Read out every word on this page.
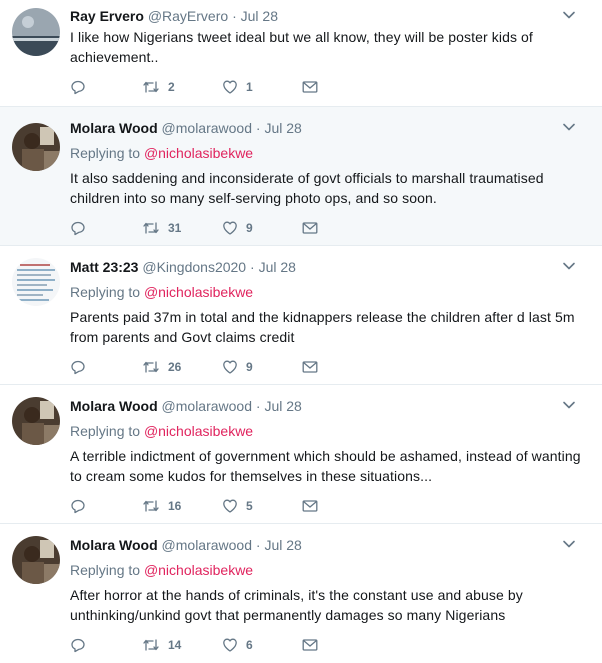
Ray Ervero @RayErvero · Jul 28
I like how Nigerians tweet ideal but we all know, they will be poster kids of achievement..
2	1
Molara Wood @molarawood · Jul 28
Replying to @nicholasibekwe
It also saddening and inconsiderate of govt officials to marshall traumatised children into so many self-serving photo ops, and so soon.
31	9
Matt 23:23 @Kingdons2020 · Jul 28
Replying to @nicholasibekwe
Parents paid 37m in total and the kidnappers release the children after d last 5m from parents and Govt claims credit
26	9
Molara Wood @molarawood · Jul 28
Replying to @nicholasibekwe
A terrible indictment of government which should be ashamed, instead of wanting to cream some kudos for themselves in these situations...
16	5
Molara Wood @molarawood · Jul 28
Replying to @nicholasibekwe
After horror at the hands of criminals, it's the constant use and abuse by unthinking/unkind govt that permanently damages so many Nigerians
14	6
